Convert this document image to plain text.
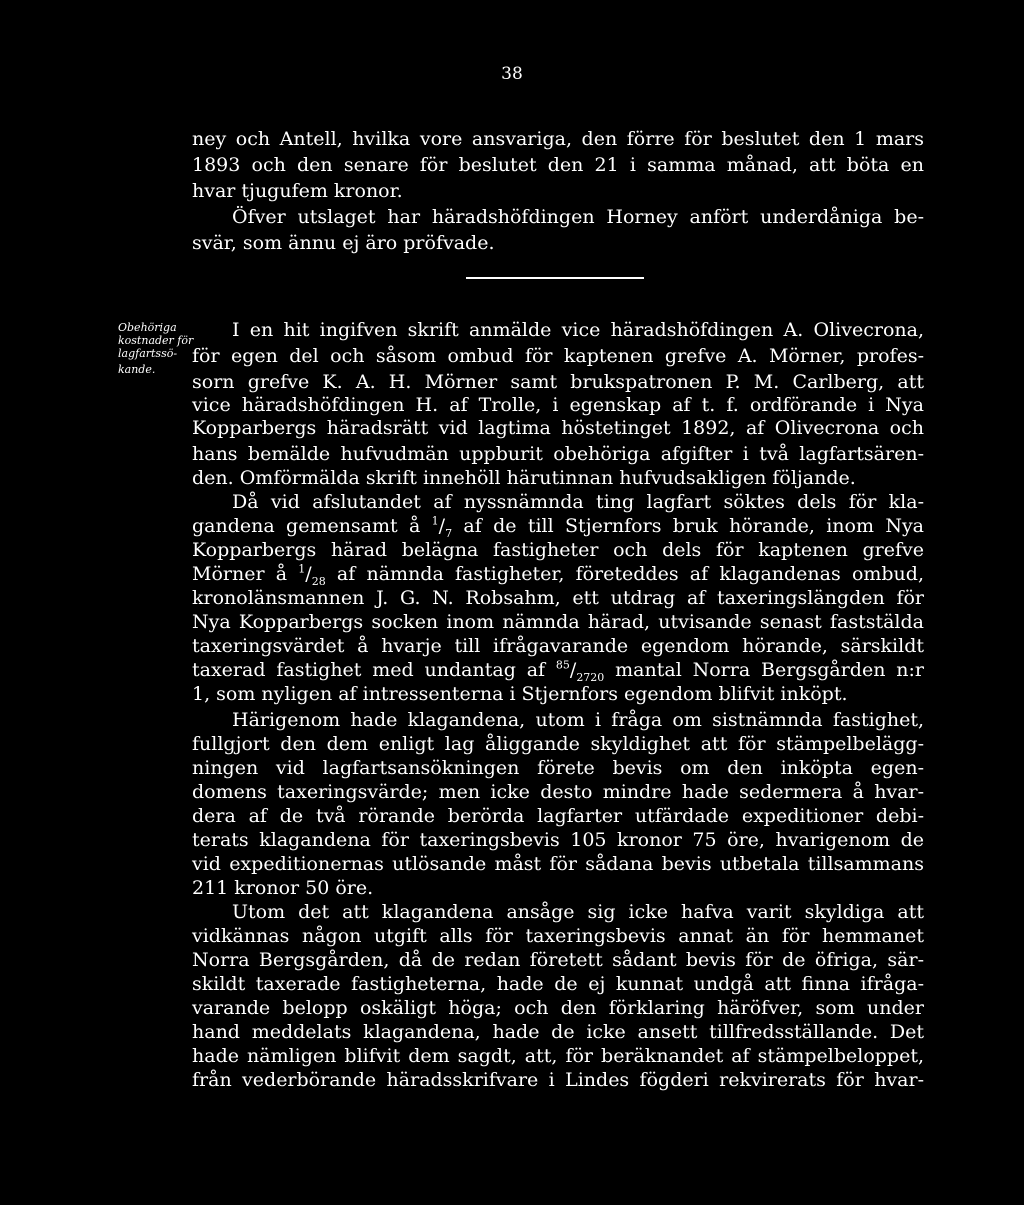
38
ney och Antell, hvilka vore ansvariga, den förre för beslutet den 1 mars
1893 och den senare för beslutet den 21 i samma månad, att böta en
hvar tjugufem kronor.
Öfver utslaget har häradshöfdingen Horney anfört underdåniga be-
svär, som ännu ej äro pröfvade.
Obehöriga
kostnader för
lagfartssö-
kande.
I en hit ingifven skrift anmälde vice häradshöfdingen A. Olivecrona,
för egen del och såsom ombud för kaptenen grefve A. Mörner, profes-
sorn grefve K. A. H. Mörner samt brukspatronen P. M. Carlberg, att
vice häradshöfdingen H. af Trolle, i egenskap af t. f. ordförande i Nya
Kopparbergs häradsrätt vid lagtima höstetinget 1892, af Olivecrona och
hans bemälde hufvudmän uppburit obehöriga afgifter i två lagfartsären-
den. Omförmälda skrift innehöll härutinnan hufvudsakligen följande.
Då vid afslutandet af nyssnämnda ting lagfart söktes dels för kla-
gandena gemensamt å $^1/_7$ af de till Stjernfors bruk hörande, inom Nya
Kopparbergs härad belägna fastigheter och dels för kaptenen grefve
Mörner å $^1/_{28}$ af nämnda fastigheter, företeddes af klagandenas ombud,
kronolänsmannen J. G. N. Robsahm, ett utdrag af taxeringslängden för
Nya Kopparbergs socken inom nämnda härad, utvisande senast faststälda
taxeringsvärdet å hvarje till ifrågavarande egendom hörande, särskildt
taxerad fastighet med undantag af $^{85}/_{2720}$ mantal Norra Bergsgården n:r
1, som nyligen af intressenterna i Stjernfors egendom blifvit inköpt.
Härigenom hade klagandena, utom i fråga om sistnämnda fastighet,
fullgjort den dem enligt lag åliggande skyldighet att för stämpelbelägg-
ningen vid lagfartsansökningen förete bevis om den inköpta egen-
domens taxeringsvärde; men icke desto mindre hade sedermera å hvar-
dera af de två rörande berörda lagfarter utfärdade expeditioner debi-
terats klagandena för taxeringsbevis 105 kronor 75 öre, hvarigenom de
vid expeditionernas utlösande måst för sådana bevis utbetala tillsammans
211 kronor 50 öre.
Utom det att klagandena ansåge sig icke hafva varit skyldiga att
vidkännas någon utgift alls för taxeringsbevis annat än för hemmanet
Norra Bergsgården, då de redan företett sådant bevis för de öfriga, sär-
skildt taxerade fastigheterna, hade de ej kunnat undgå att finna ifråga-
varande belopp oskäligt höga; och den förklaring häröfver, som under
hand meddelats klagandena, hade de icke ansett tillfredsställande. Det
hade nämligen blifvit dem sagdt, att, för beräknandet af stämpelbeloppet,
från vederbörande häradsskrifvare i Lindes fögderi rekvirerats för hvar-
